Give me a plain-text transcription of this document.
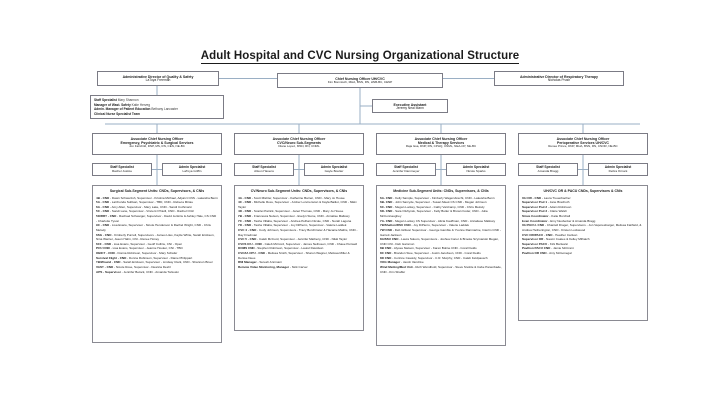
Adult Hospital and CVC Nursing Organizational Structure
Administrative Director of Quality & Safety
LaToya Freeman	Chief Nursing Officer UH/CVC
Kim Bonmisch, MHA, BSN, RN, HNB-BC, CENP
Administrative Director of Respiratory Therapy
Nicholas Prush
Staff Specialist Mary Shannon
Manager of Wast. Safety Katie Herveg
Admin. Manager of Patient Education Bethany Lancaster
Clinical Nurse Specialist Team
Executive Assistant
Jeremy Neal Mann
Associate Chief Nursing Officer
Emergency, Psychiatric & Surgical Services
Jon Fairchild, DNP, MS, RN, CEN, NE-BC
Associate Chief Nursing Officer
CVC/Neuro Sub-Segments
Diane Lopez, MSN, RN, CNML
Associate Chief Nursing Officer
Medical & Therapy Services
Raja Issa, DNP, RN, CPHQ, CNML, NEA-CP, NE-BC
Associate Chief Nursing Officer
Perioperative Services UH/CVC
Renee Prince, DNP, MHA, BSN, RN, CNOR, NE-BC
Staff Specialist
Rachel Justice
Admin Specialist
LaToya Griffin
Staff Specialist
Alison Havens
Admin Specialist
Gayle Boulter
Staff Specialist
Jennifer Dammeyer
Admin Specialist
Nicole Sparks
Staff Specialist
Amanda Bragg
Admin Specialist
Debra Ornant
Surgical Sub-Segment Units: CNDs, Supervisors, & CNIs
4B - CND - Dawn Schwarzsh, Supervisor - Kristina Michael, Adjunct CNS - Lakeisha Benn
5A - CND - LaChonda Sullivan, Supervisor - TBD, CND - Rebeca Mirias
6A - CND - Amy Allen, Supervisor - Mary Lake, CND - Sandi Cuthmann
5C - CND - Sandi Lane, Supervisor - Vincent O'Neill, CND - Rachel Ortiz
5D/RRT - CND - Rachael Schweiger, Supervisor - David Jenkins & Ashley Hale, CS CND - Charlotte Tyson
9C - CND - Lisa Evans, Supervisor - Nicole Henderson & Rachel Wright, CND - Chris Melody
6SG - CND - Kimberly Purcell, Supervisors - James Liles, Kaylie White, Sarah Erickson, Nina Warner, Jason Hahn, CNI - Renee Honey
6CF - CND - Lisa Evans, Supervisor - Geoff Collins, CNI - Open
PCU CND - Lisa Evans, Supervisor - Jeanne Hooker, CNI - TBD
OBICT - CND - Donna Robinson, Supervisor - Mary Schafer
Survival Flight - CND - Donna Robinson, Supervisor - Diane Philippart
TB/Wound - CND - Sarah Erickson, Supervisor - Lindsay Clark, CND - Shannon Bruel
VAST - CND - Nicole Rose, Supervisor - Deanna Deshl
APS - Supervisor - Jennifer Belock, CND - Amanda Torkoski
CV/Neuro Sub-Segment Units: CNDs, Supervisors, & CNIs
4A - CND - Scott Mishler, Supervisor - Katherine Barren, CND - Mary Jo House
4C - CND - Michelle Ross, Supervisor - Amber Loncrenston & Kayla Bailiot, CND - Nikki Taylor
4D - CND - Scarlet Patrick, Supervisor - Janet Thomas, CND - Mary Jo House
7B - CND - Francesca Nelson, Supervisor - Evelyn Stone, CND - Annalise Mallowy
7C - CND - Tasha Villalta, Supervisor - Andrea Pelham Nicole, CND - Norah Laguna
7D - CND - Tasha Villalta, Supervisor - Joy DiPierro, Supervisor - Valerie Laddek
CVC 4 - CND - Cody Johnson, Supervisors - Tracy Borchinster & Hacanie Mathis, CND - Ray Friedman
CVC 5 - CND - Caleb McCord, Supervisor - Jennifer Matheny, CND - Nikki Taylor
CVCS ICU - CND - Caleb McCord, Supervisor - James Neihusen, CND - Chase Penwell
DOMS CND - Stephen Robinson, Supervisor - Laurel Davidson
CVCZA CPU - CND - Melissa Smith, Supervisor - Sharon Wagner, Melissa Miller & Denise Dees
RNI Manager - Suresh Annmani
Remote Video Monitoring, Manager - Nick Carver
Medicine Sub-Segment Units: CNDs, Supervisors, & CNIs
6A- CND - Kelly Sample, Supervisor - Kimberly Wagersbrecht, CND - Lakeisha Benn
6B- CND - John Sarcyde, Supervisor - Susan Meek CS CND - Megan Johnson
6C- CND - Megan Luckey, Supervisor - Cathy VanCamp, CND - Chris Melody
6D- CND - Sara Olshynsk, Supervisor - Kelly Butler & Brown Foder, CND - Julia McConnaughey
7A- CND - Megan Luckey CS Supervisor - Alicia Kauffman, CND - Annaliese Mallowy
7B/Shelton/RSU CND - Joy DiPierro, Supervisor - Valerie Laddek
7W CND - Deb Gillison Supervisor - George Gamble & Yvonne Ramnarine, Interim CND - Garrett Jackson
8A/SSU CND - Laura Sokoro, Supervisors - Joshua Coner & Brooke Szymanski Megan, CND CNI - Deb Gammon
8B CND - Alyssa Nielson, Supervisor - Karen Boline CND - Coral Fields
8C CND - Brandon Stoe, Supervisor - Justin Jacobson, CND - Coral Fields
8D CND - Corinne Cassidy, Supervisor - C.R. Murphy, CND - Caleb Feldpausch
VOG Manager - Jacob Vandrive
Wind Meiting/Med Unit - Ruth Wendhold, Supervisor - Steve Snoble & Cabe Panenbade, CND - Kim Shaffer
UH/CVC OR & PACU CNDs, Supervisors & CNIs
UH OR - CND - Laura Treuerbacher
Supervisor Pod 1 - Jane Brachuth
Supervisor Pod 2 - Adam Robinson
Supervisor Pod 3 - Claire Walsh
Sinus Coordinator - Katie Burchall
Even Coordinator - Emy Neuberker & Amanda Bragg
UH PACU- CND - Chantell Drager, Supervisors - Jon Vaporesbarger, Melissa Fairfield, & Andrea Hetherington, CND - Kirsten Lockwood
CVC OR/PACU - CND - Heather Carlson
Supervisor OR - Naomi Coates & Kelley Milhatch
Supervisor PACU - Kirk Bartsann
Pavilion PACU CND - Jamie McCrant
Pavilion OR CND - Amy McGonegal
